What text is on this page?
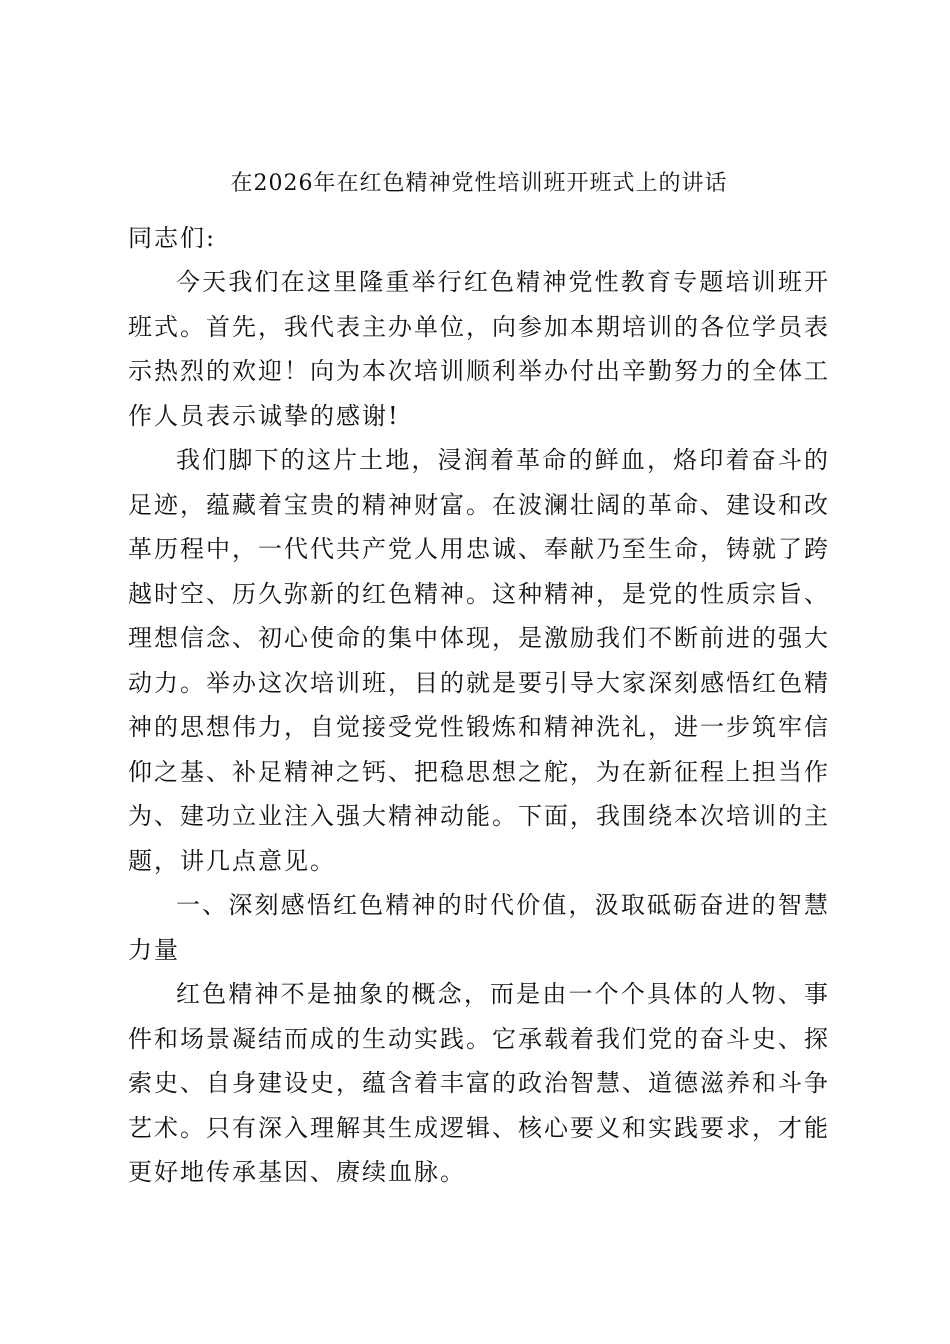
在2026年在红色精神党性培训班开班式上的讲话

同志们:

今天我们在这里隆重举行红色精神党性教育专题培训班开班式。首先，我代表主办单位，向参加本期培训的各位学员表示热烈的欢迎！向为本次培训顺利举办付出辛勤努力的全体工作人员表示诚挚的感谢!

我们脚下的这片土地，浸润着革命的鲜血，烙印着奋斗的足迹，蕴藏着宝贵的精神财富。在波澜壮阔的革命、建设和改革历程中，一代代共产党人用忠诚、奉献乃至生命，铸就了跨越时空、历久弥新的红色精神。这种精神，是党的性质宗旨、理想信念、初心使命的集中体现，是激励我们不断前进的强大动力。举办这次培训班，目的就是要引导大家深刻感悟红色精神的思想伟力，自觉接受党性锻炼和精神洗礼，进一步筑牢信仰之基、补足精神之钙、把稳思想之舵，为在新征程上担当作为、建功立业注入强大精神动能。下面，我围绕本次培训的主题，讲几点意见。

一、深刻感悟红色精神的时代价值，汲取砥砺奋进的智慧力量

红色精神不是抽象的概念，而是由一个个具体的人物、事件和场景凝结而成的生动实践。它承载着我们党的奋斗史、探索史、自身建设史，蕴含着丰富的政治智慧、道德滋养和斗争艺术。只有深入理解其生成逻辑、核心要义和实践要求，才能更好地传承基因、赓续血脉。
